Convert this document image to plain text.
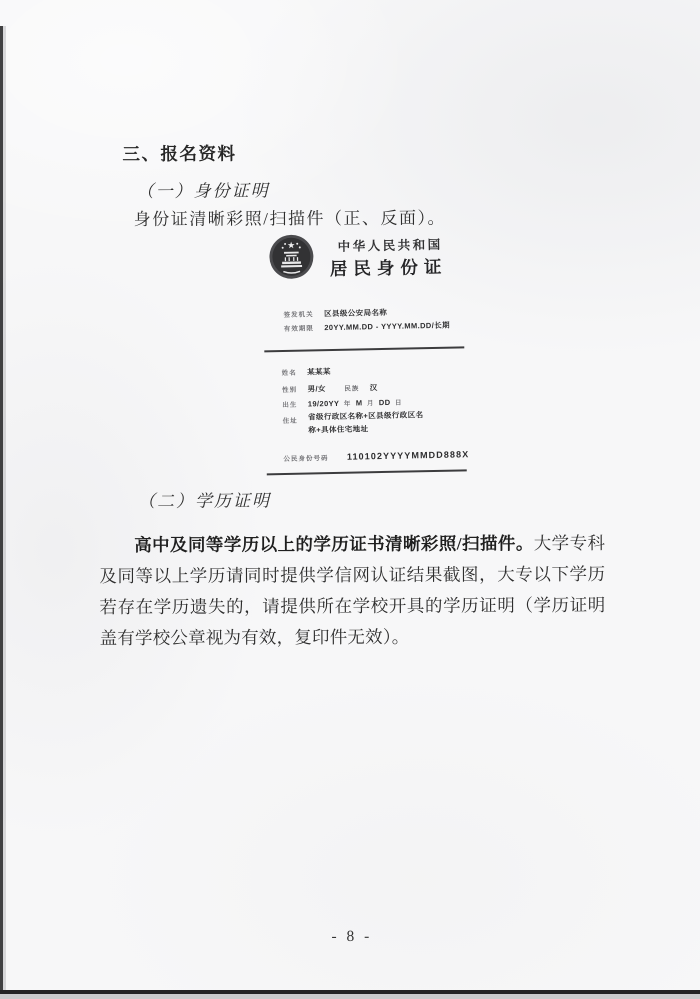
三、报名资料
（一）身份证明
身份证清晰彩照/扫描件（正、反面）。
中华人民共和国
居民身份证
签发机关 区县级公安局名称
有效期限 20YY.MM.DD - YYYY.MM.DD/长期
姓名 某某某
性别 男/女	民族 汉
出生 19/20YY 年 M 月 DD 日
住址 省级行政区名称+区县级行政区名
称+具体住宅地址
公民身份号码 110102YYYYMMDD888X
（二）学历证明

高中及同等学历以上的学历证书清晰彩照/扫描件。大学专科及同等以上学历请同时提供学信网认证结果截图，大专以下学历若存在学历遗失的，请提供所在学校开具的学历证明（学历证明盖有学校公章视为有效，复印件无效）。

- 8 -
